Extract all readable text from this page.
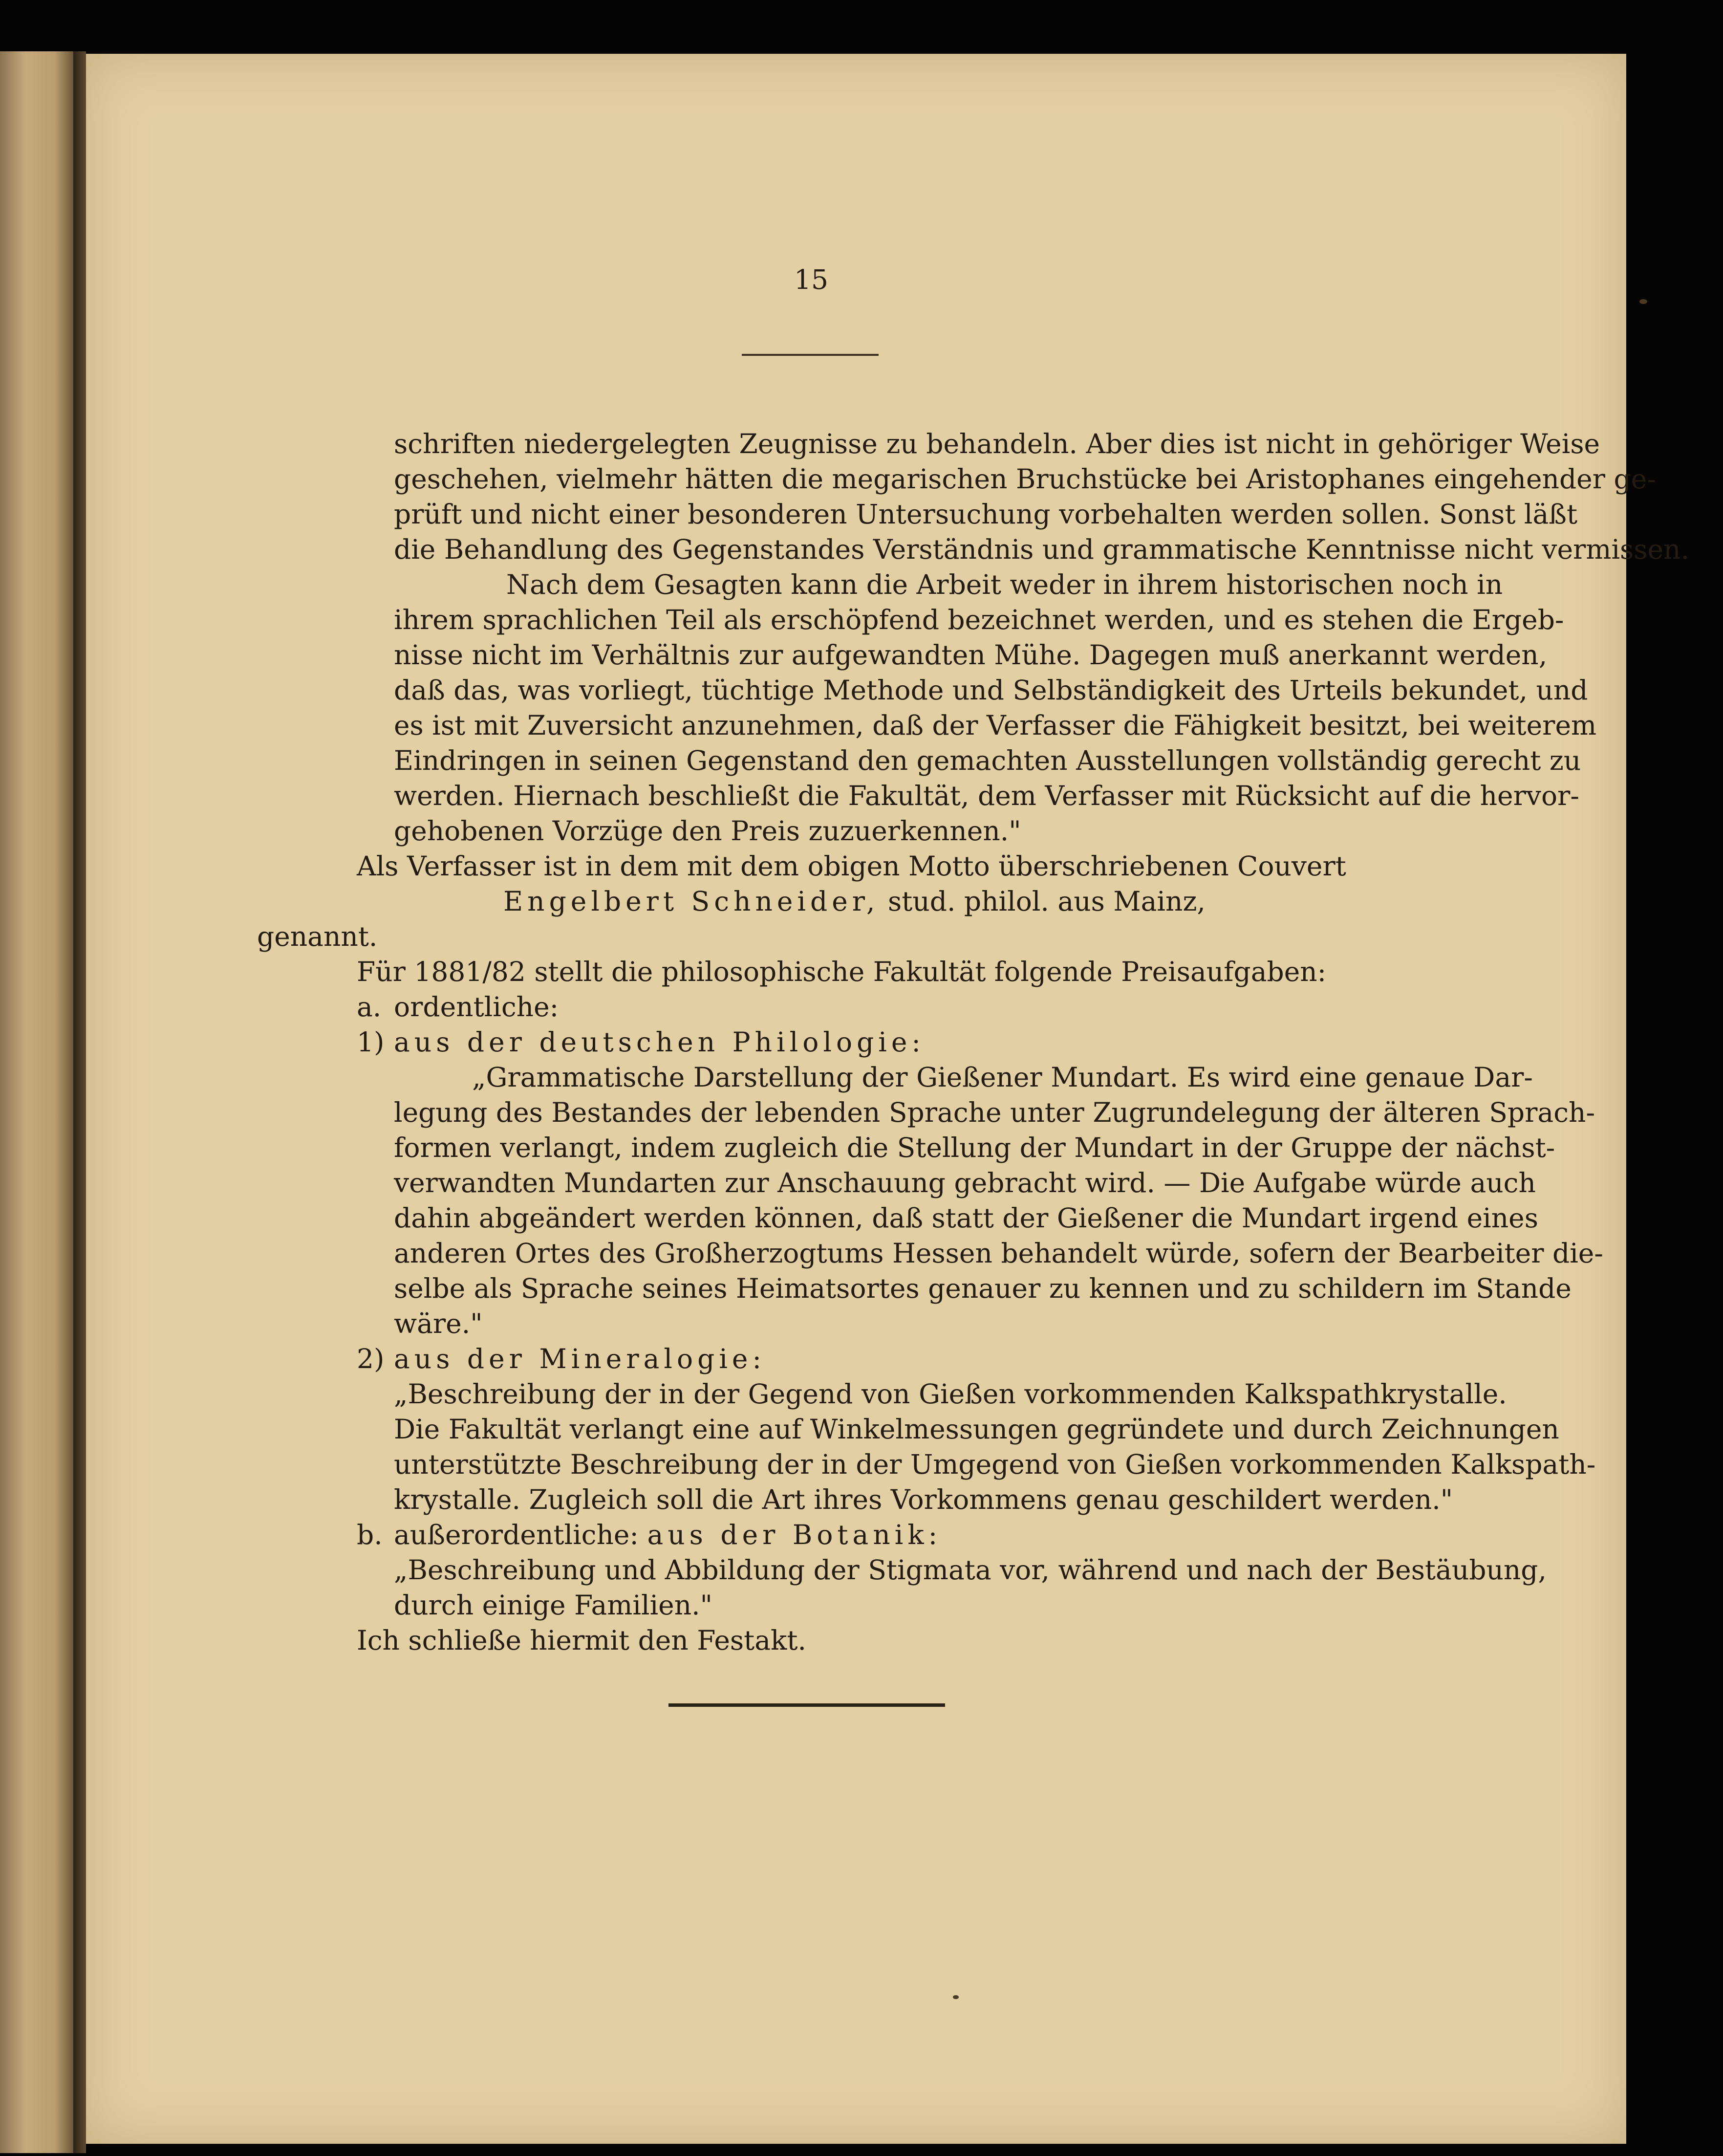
15
schriften niedergelegten Zeugnisse zu behandeln. Aber dies ist nicht in gehöriger Weise
geschehen, vielmehr hätten die megarischen Bruchstücke bei Aristophanes eingehender ge-
prüft und nicht einer besonderen Untersuchung vorbehalten werden sollen. Sonst läßt
die Behandlung des Gegenstandes Verständnis und grammatische Kenntnisse nicht vermissen.
Nach dem Gesagten kann die Arbeit weder in ihrem historischen noch in
ihrem sprachlichen Teil als erschöpfend bezeichnet werden, und es stehen die Ergeb-
nisse nicht im Verhältnis zur aufgewandten Mühe. Dagegen muß anerkannt werden,
daß das, was vorliegt, tüchtige Methode und Selbständigkeit des Urteils bekundet, und
es ist mit Zuversicht anzunehmen, daß der Verfasser die Fähigkeit besitzt, bei weiterem
Eindringen in seinen Gegenstand den gemachten Ausstellungen vollständig gerecht zu
werden. Hiernach beschließt die Fakultät, dem Verfasser mit Rücksicht auf die hervor-
gehobenen Vorzüge den Preis zuzuerkennen."
Als Verfasser ist in dem mit dem obigen Motto überschriebenen Couvert
Engelbert Schneider, stud. philol. aus Mainz,
genannt.
Für 1881/82 stellt die philosophische Fakultät folgende Preisaufgaben:
a. ordentliche:
1) aus der deutschen Philologie:
„Grammatische Darstellung der Gießener Mundart. Es wird eine genaue Dar-
legung des Bestandes der lebenden Sprache unter Zugrundelegung der älteren Sprach-
formen verlangt, indem zugleich die Stellung der Mundart in der Gruppe der nächst-
verwandten Mundarten zur Anschauung gebracht wird. — Die Aufgabe würde auch
dahin abgeändert werden können, daß statt der Gießener die Mundart irgend eines
anderen Ortes des Großherzogtums Hessen behandelt würde, sofern der Bearbeiter die-
selbe als Sprache seines Heimatsortes genauer zu kennen und zu schildern im Stande
wäre."
2) aus der Mineralogie:
„Beschreibung der in der Gegend von Gießen vorkommenden Kalkspathkrystalle.
Die Fakultät verlangt eine auf Winkelmessungen gegründete und durch Zeichnungen
unterstützte Beschreibung der in der Umgegend von Gießen vorkommenden Kalkspath-
krystalle. Zugleich soll die Art ihres Vorkommens genau geschildert werden."
b. außerordentliche: aus der Botanik:
„Beschreibung und Abbildung der Stigmata vor, während und nach der Bestäubung,
durch einige Familien."
Ich schließe hiermit den Festakt.
